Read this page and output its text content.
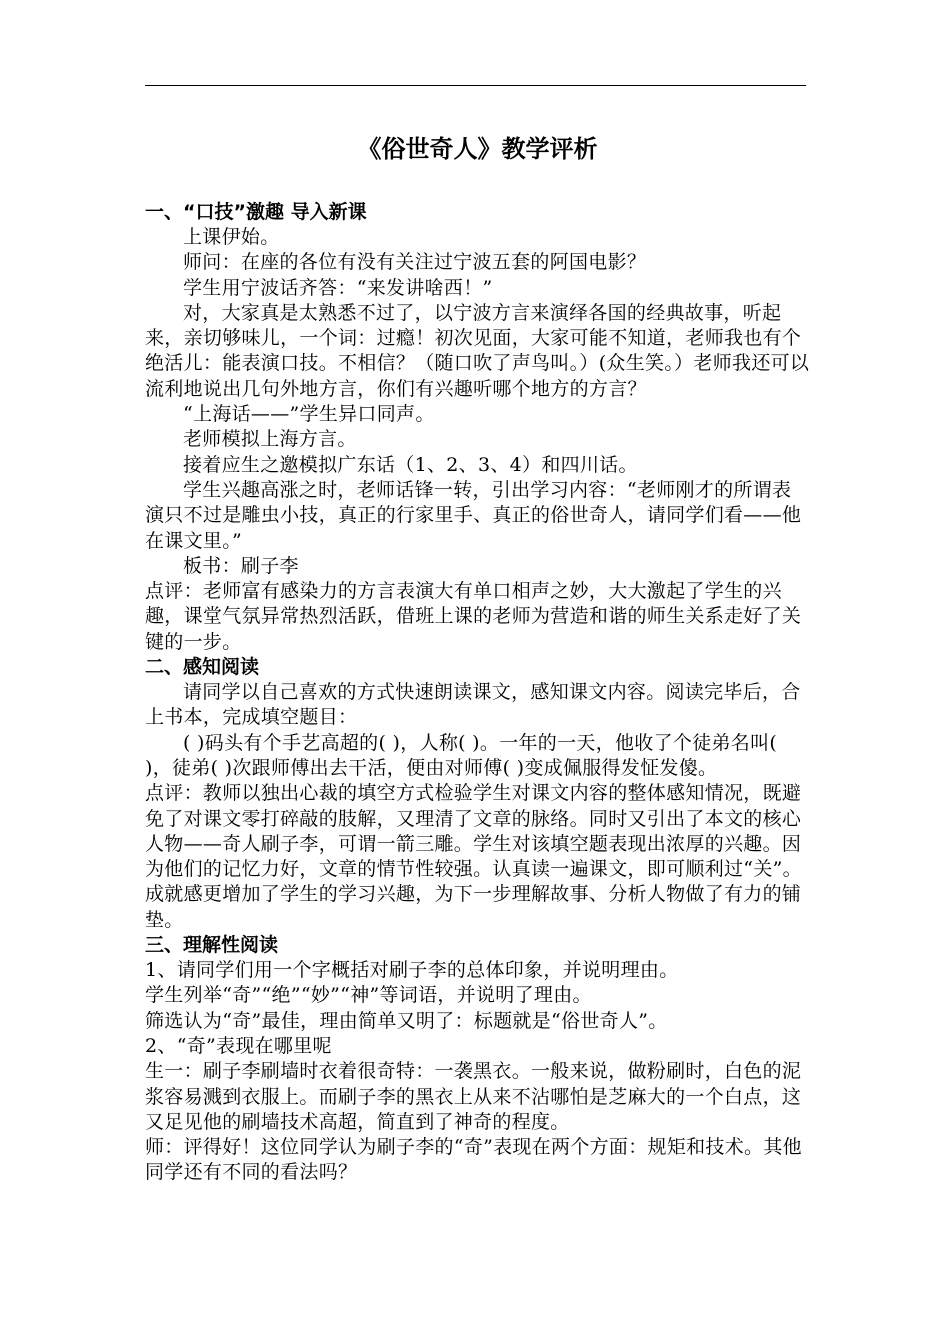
《俗世奇人》教学评析
一、“口技”激趣 导入新课

上课伊始。

师问：在座的各位有没有关注过宁波五套的阿国电影？

学生用宁波话齐答：“来发讲啥西！”

对，大家真是太熟悉不过了，以宁波方言来演绎各国的经典故事，听起来，亲切够味儿，一个词：过瘾！初次见面，大家可能不知道，老师我也有个绝活儿：能表演口技。不相信？（随口吹了声鸟叫。）(众生笑。）老师我还可以流利地说出几句外地方言，你们有兴趣听哪个地方的方言？

“上海话——”学生异口同声。

老师模拟上海方言。

接着应生之邀模拟广东话（1、2、3、4）和四川话。

学生兴趣高涨之时，老师话锋一转，引出学习内容：“老师刚才的所谓表演只不过是雕虫小技，真正的行家里手、真正的俗世奇人，请同学们看——他在课文里。”

板书：刷子李

点评：老师富有感染力的方言表演大有单口相声之妙，大大激起了学生的兴趣，课堂气氛异常热烈活跃，借班上课的老师为营造和谐的师生关系走好了关键的一步。

二、感知阅读

请同学以自己喜欢的方式快速朗读课文，感知课文内容。阅读完毕后，合上书本，完成填空题目：

( )码头有个手艺高超的( )，人称( )。一年的一天，他收了个徒弟名叫( )，徒弟( )次跟师傅出去干活，便由对师傅( )变成佩服得发怔发傻。

点评：教师以独出心裁的填空方式检验学生对课文内容的整体感知情况，既避免了对课文零打碎敲的肢解，又理清了文章的脉络。同时又引出了本文的核心人物——奇人刷子李，可谓一箭三雕。学生对该填空题表现出浓厚的兴趣。因为他们的记忆力好，文章的情节性较强。认真读一遍课文，即可顺利过“关”。成就感更增加了学生的学习兴趣，为下一步理解故事、分析人物做了有力的铺垫。

三、理解性阅读

1、请同学们用一个字概括对刷子李的总体印象，并说明理由。

学生列举“奇”“绝”“妙”“神”等词语，并说明了理由。

筛选认为“奇”最佳，理由简单又明了：标题就是“俗世奇人”。

2、“奇”表现在哪里呢

生一：刷子李刷墙时衣着很奇特：一袭黑衣。一般来说，做粉刷时，白色的泥浆容易溅到衣服上。而刷子李的黑衣上从来不沾哪怕是芝麻大的一个白点，这又足见他的刷墙技术高超，简直到了神奇的程度。

师：评得好！这位同学认为刷子李的“奇”表现在两个方面：规矩和技术。其他同学还有不同的看法吗？
